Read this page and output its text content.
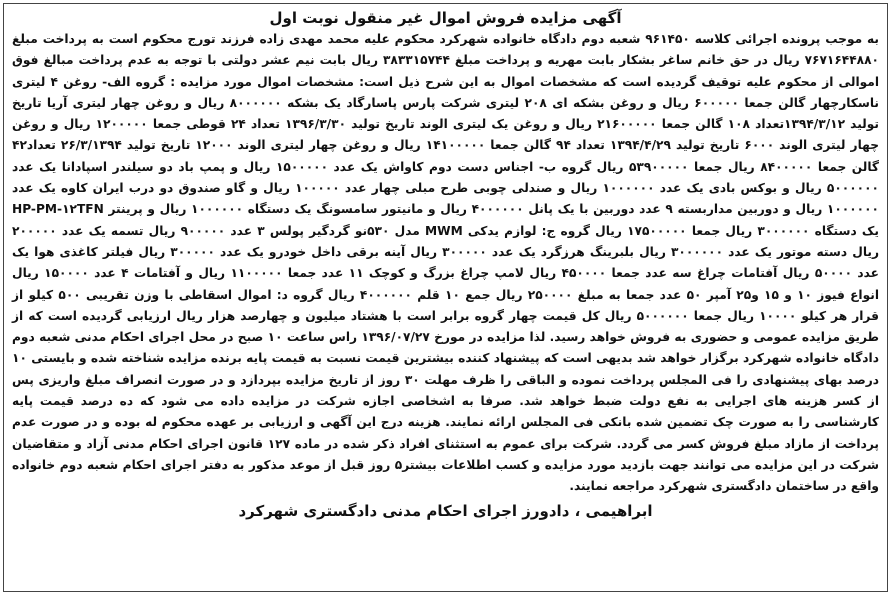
آگهی مزایده فروش اموال غیر منقول نوبت اول

به موجب پرونده اجرائی کلاسه ۹۶۱۴۵۰ شعبه دوم دادگاه خانواده شهرکرد محکوم علیه محمد مهدی زاده فرزند تورج محکوم است به پرداخت مبلغ ۷۶۷۱۶۴۴۸۸۰ ریال در حق خانم ساغر بشکار بابت مهریه و پرداخت مبلغ ۳۸۳۳۱۵۷۴۴ ریال بابت نیم عشر دولتی با توجه به عدم پرداخت مبالغ فوق اموالی از محکوم علیه توقیف گردیده است که مشخصات اموال به این شرح ذیل است: مشخصات اموال مورد مزایده : گروه الف- روغن ۴ لیتری ناسکارچهار گالن جمعا ۶۰۰۰۰۰ ریال و روغن بشکه ای ۲۰۸ لیتری شرکت پارس پاسارگاد یک بشکه ۸۰۰۰۰۰۰ ریال و روغن چهار لیتری آریا تاریخ تولید ۱۳۹۴/۳/۱۲تعداد ۱۰۸ گالن جمعا ۲۱۶۰۰۰۰۰ ریال و روغن یک لیتری الوند تاریخ تولید ۱۳۹۶/۳/۳۰ تعداد ۲۴ قوطی جمعا ۱۲۰۰۰۰۰ ریال و روغن چهار لیتری الوند ۶۰۰۰ تاریخ تولید ۱۳۹۴/۴/۲۹ تعداد ۹۴ گالن جمعا ۱۴۱۰۰۰۰۰ ریال و روغن چهار لیتری الوند ۱۲۰۰۰ تاریخ تولید ۲۶/۳/۱۳۹۴ تعداد۴۲ گالن جمعا ۸۴۰۰۰۰۰ ریال جمعا ۵۳۹۰۰۰۰۰ ریال گروه ب- اجناس دست دوم کاواش یک عدد ۱۵۰۰۰۰۰ ریال و پمپ باد دو سیلندر اسپادانا یک عدد ۵۰۰۰۰۰۰ ریال و بوکس بادی یک عدد ۱۰۰۰۰۰۰ ریال و صندلی چوبی طرح مبلی چهار عدد ۱۰۰۰۰۰ ریال و گاو صندوق دو درب ایران کاوه یک عدد ۱۰۰۰۰۰۰ ریال و دوربین مداربسته ۹ عدد دوربین با یک پانل ۴۰۰۰۰۰۰ ریال و مانیتور سامسونگ یک دستگاه ۱۰۰۰۰۰۰ ریال و پرینتر HP-PM-۱۲TFN یک دستگاه ۳۰۰۰۰۰۰ ریال جمعا ۱۷۵۰۰۰۰۰ ریال گروه ج: لوازم یدکی MWM مدل ۵۳۰نو گردگیر پولس ۳ عدد ۹۰۰۰۰۰ ریال تسمه یک عدد ۲۰۰۰۰۰ ریال دسته موتور یک عدد ۳۰۰۰۰۰۰ ریال بلبرینگ هرزگرد یک عدد ۳۰۰۰۰۰ ریال آینه برقی داخل خودرو یک عدد ۳۰۰۰۰۰ ریال فیلتر کاغذی هوا یک عدد ۵۰۰۰۰ ریال آفتامات چراغ سه عدد جمعا ۴۵۰۰۰۰ ریال لامپ چراغ بزرگ و کوچک ۱۱ عدد جمعا ۱۱۰۰۰۰۰ ریال و آفتامات ۴ عدد ۱۵۰۰۰۰ ریال انواع فیوز ۱۰ و ۱۵ و۲۵ آمپر ۵۰ عدد جمعا به مبلغ ۲۵۰۰۰۰ ریال جمع ۱۰ قلم ۴۰۰۰۰۰۰ ریال گروه د: اموال اسقاطی با وزن تقریبی ۵۰۰ کیلو از قرار هر کیلو ۱۰۰۰۰ ریال جمعا ۵۰۰۰۰۰۰ ریال کل قیمت چهار گروه برابر است با هشتاد میلیون و چهارصد هزار ریال ارزیابی گردیده است که از طریق مزایده عمومی و حضوری به فروش خواهد رسید. لذا مزایده در مورخ ۱۳۹۶/۰۷/۲۷ راس ساعت ۱۰ صبح در محل اجرای احکام مدنی شعبه دوم دادگاه خانواده شهرکرد برگزار خواهد شد بدیهی است که پیشنهاد کننده بیشترین قیمت نسبت به قیمت پایه برنده مزایده شناخته شده و بایستی ۱۰ درصد بهای پیشنهادی را فی المجلس پرداخت نموده و الباقی را ظرف مهلت ۳۰ روز از تاریخ مزایده بپردازد و در صورت انصراف مبلغ واریزی پس از کسر هزینه های اجرایی به نفع دولت ضبط خواهد شد. صرفا به اشخاصی اجازه شرکت در مزایده داده می شود که ده درصد قیمت پایه کارشناسی را به صورت چک تضمین شده بانکی فی المجلس ارائه نمایند. هزینه درج این آگهی و ارزیابی بر عهده محکوم له بوده و در صورت عدم پرداخت از مازاد مبلغ فروش کسر می گردد. شرکت برای عموم به استثنای افراد ذکر شده در ماده ۱۲۷ قانون اجرای احکام مدنی آزاد و متقاضیان شرکت در این مزایده می توانند جهت بازدید مورد مزایده و کسب اطلاعات بیشتر۵ روز قبل از موعد مذکور به دفتر اجرای احکام شعبه دوم خانواده واقع در ساختمان دادگستری شهرکرد مراجعه نمایند.

ابراهیمی ، دادورز اجرای احکام مدنی دادگستری شهرکرد
